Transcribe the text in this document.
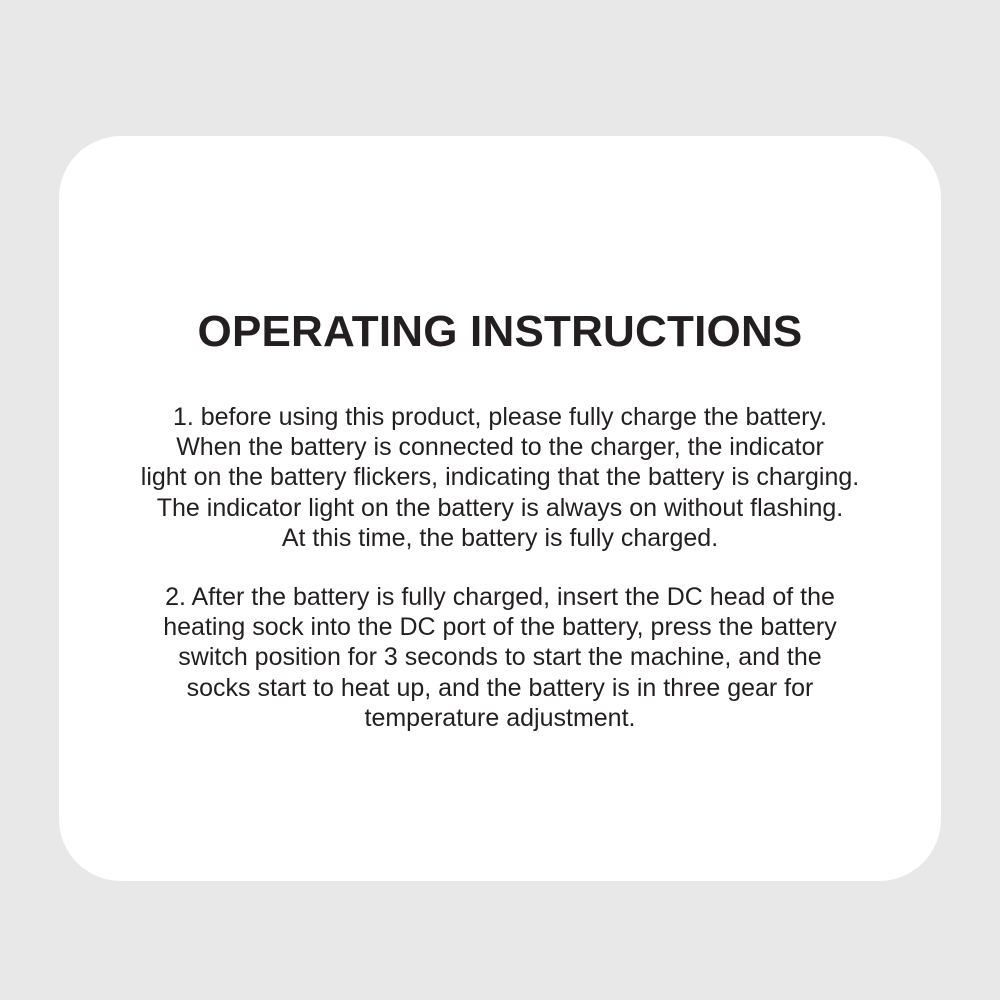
OPERATING INSTRUCTIONS

1. before using this product, please fully charge the battery.
When the battery is connected to the charger, the indicator
light on the battery flickers, indicating that the battery is charging.
The indicator light on the battery is always on without flashing.
At this time, the battery is fully charged.

2. After the battery is fully charged, insert the DC head of the
heating sock into the DC port of the battery, press the battery
switch position for 3 seconds to start the machine, and the
socks start to heat up, and the battery is in three gear for
temperature adjustment.
